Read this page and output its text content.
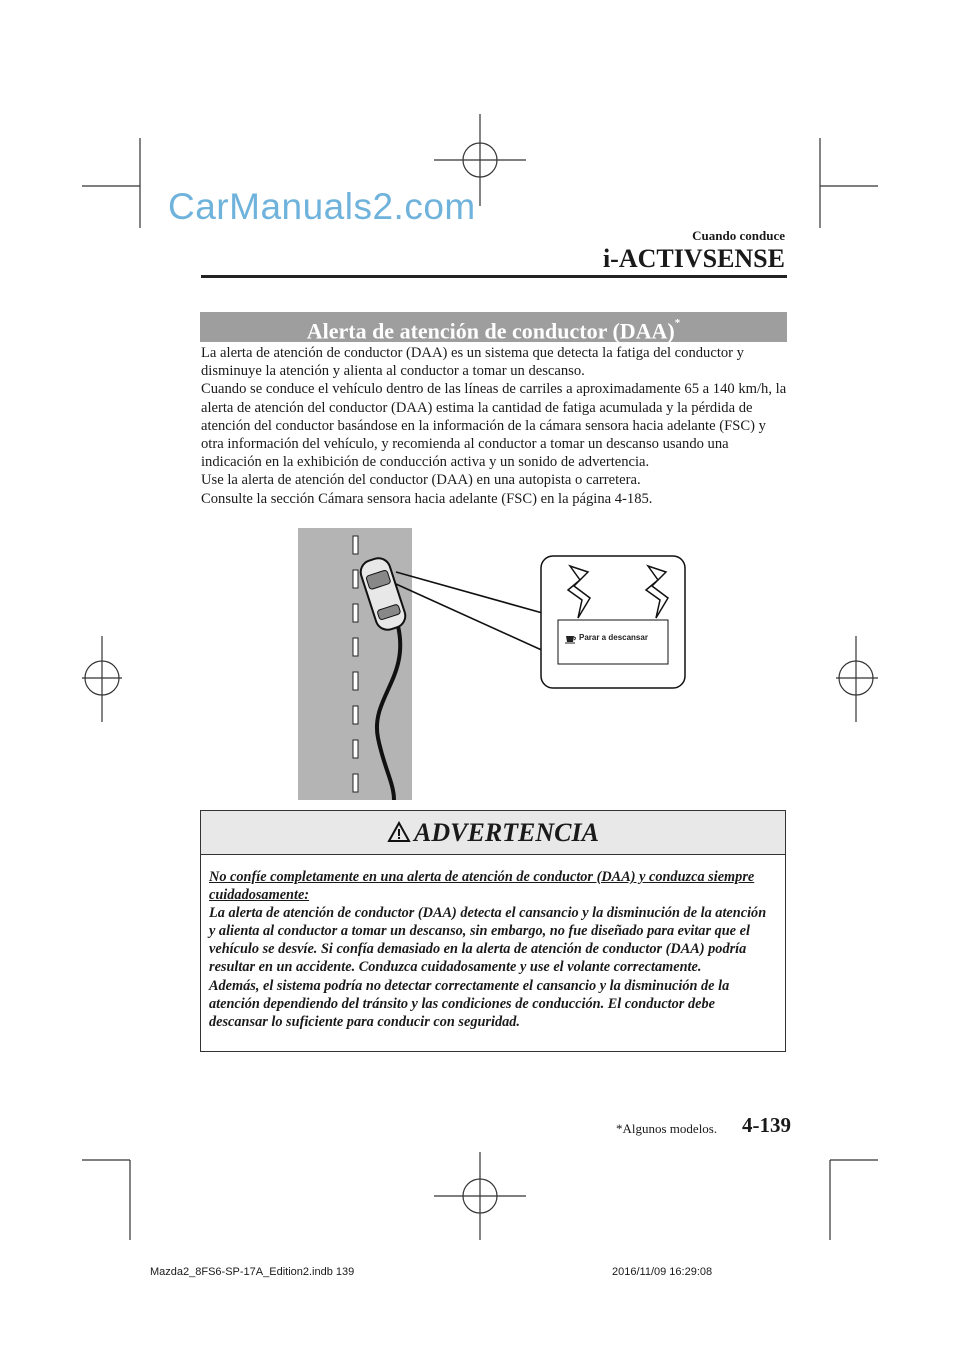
CarManuals2.com
Cuando conduce
i-ACTIVSENSE
Alerta de atención de conductor (DAA)*

La alerta de atención de conductor (DAA) es un sistema que detecta la fatiga del conductor y disminuye la atención y alienta al conductor a tomar un descanso.

Cuando se conduce el vehículo dentro de las líneas de carriles a aproximadamente 65 a 140 km/h, la alerta de atención del conductor (DAA) estima la cantidad de fatiga acumulada y la pérdida de atención del conductor basándose en la información de la cámara sensora hacia adelante (FSC) y otra información del vehículo, y recomienda al conductor a tomar un descanso usando una indicación en la exhibición de conducción activa y un sonido de advertencia.

Use la alerta de atención del conductor (DAA) en una autopista o carretera.

Consulte la sección Cámara sensora hacia adelante (FSC) en la página 4-185.

Parar a descansar
ADVERTENCIA

No confíe completamente en una alerta de atención de conductor (DAA) y conduzca siempre cuidadosamente:

La alerta de atención de conductor (DAA) detecta el cansancio y la disminución de la atención y alienta al conductor a tomar un descanso, sin embargo, no fue diseñado para evitar que el vehículo se desvíe. Si confía demasiado en la alerta de atención de conductor (DAA) podría resultar en un accidente. Conduzca cuidadosamente y use el volante correctamente.

Además, el sistema podría no detectar correctamente el cansancio y la disminución de la atención dependiendo del tránsito y las condiciones de conducción. El conductor debe descansar lo suficiente para conducir con seguridad.

*Algunos modelos. 4-139
Mazda2_8FS6-SP-17A_Edition2.indb 139	2016/11/09 16:29:08
